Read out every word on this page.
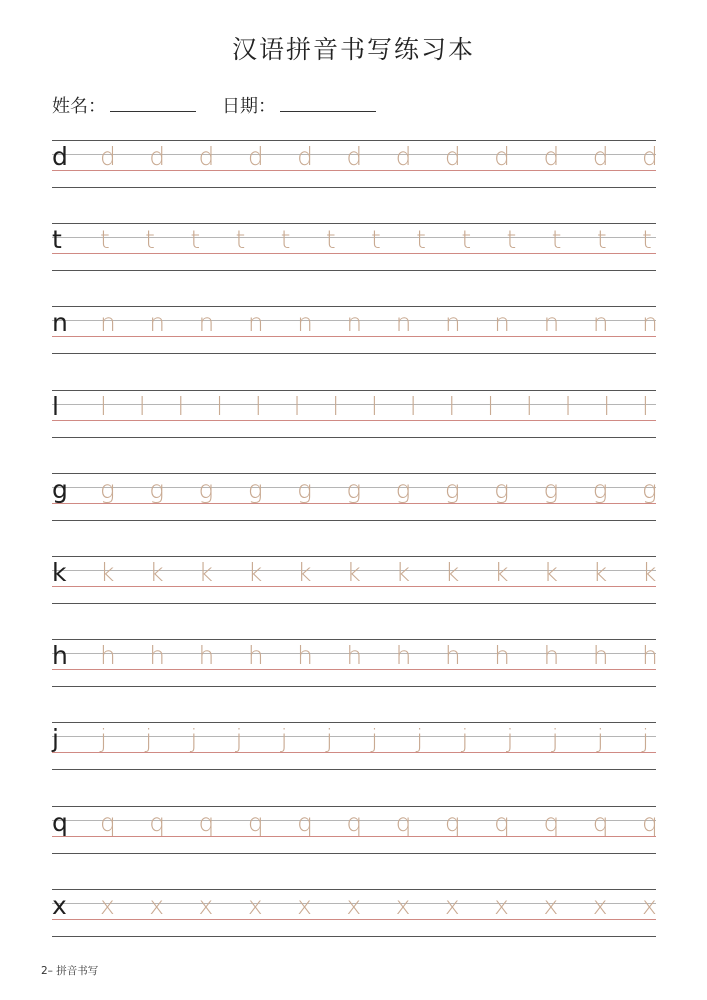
汉语拼音书写练习本
姓名：	日期：
d d d d d d d d d d d d d
t t t t t t t t t t t t t t
n n n n n n n n n n n n n
l l l l l l l l l l l l l l l l
g g g g g g g g g g g g g
k k k k k k k k k k k k k
h h h h h h h h h h h h h
j j j j j j j j j j j j j j
q q q q q q q q q q q q q
x x x x x x x x x x x x x
2– 拼音书写
